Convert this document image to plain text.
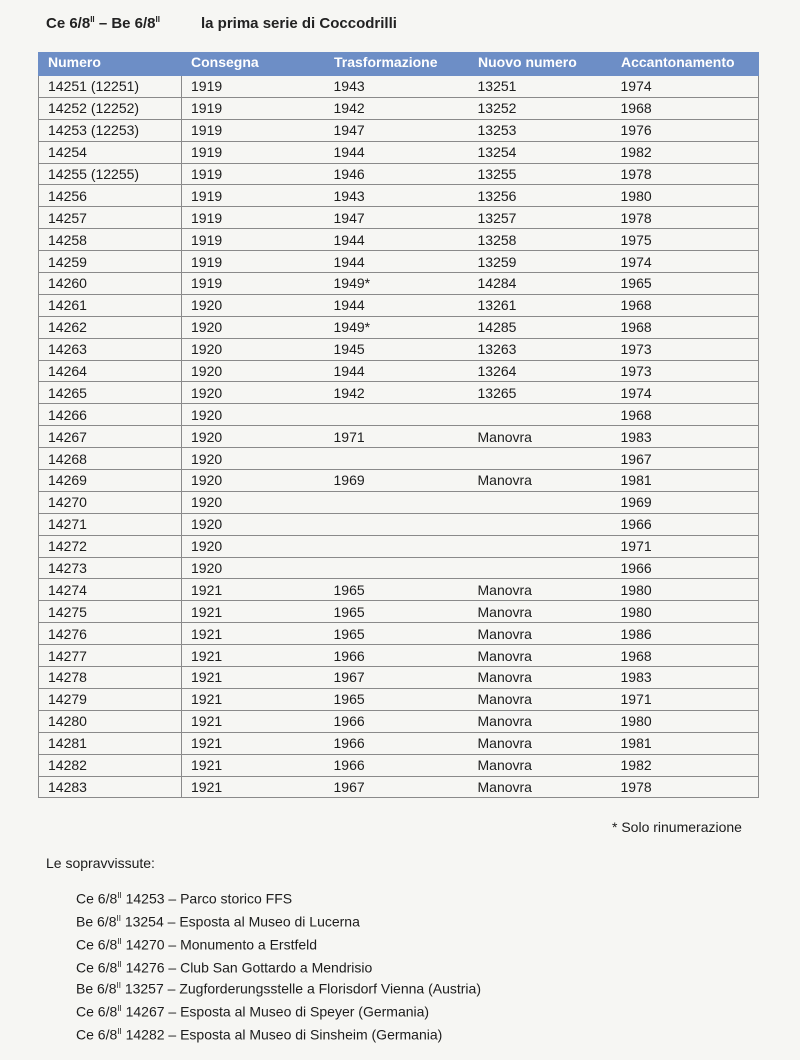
Ce $6/8^{II}$ – Be $6/8^{II}$	la prima serie di Coccodrilli
Numero	Consegna	Trasformazione	Nuovo numero	Accantonamento
14251 (12251)	1919	1943	13251	1974
14252 (12252)	1919	1942	13252	1968
14253 (12253)	1919	1947	13253	1976
14254	1919	1944	13254	1982
14255 (12255)	1919	1946	13255	1978
14256	1919	1943	13256	1980
14257	1919	1947	13257	1978
14258	1919	1944	13258	1975
14259	1919	1944	13259	1974
14260	1919	1949*	14284	1965
14261	1920	1944	13261	1968
14262	1920	1949*	14285	1968
14263	1920	1945	13263	1973
14264	1920	1944	13264	1973
14265	1920	1942	13265	1974
14266	1920			1968
14267	1920	1971	Manovra	1983
14268	1920			1967
14269	1920	1969	Manovra	1981
14270	1920			1969
14271	1920			1966
14272	1920			1971
14273	1920			1966
14274	1921	1965	Manovra	1980
14275	1921	1965	Manovra	1980
14276	1921	1965	Manovra	1986
14277	1921	1966	Manovra	1968
14278	1921	1967	Manovra	1983
14279	1921	1965	Manovra	1971
14280	1921	1966	Manovra	1980
14281	1921	1966	Manovra	1981
14282	1921	1966	Manovra	1982
14283	1921	1967	Manovra	1978
* Solo rinumerazione
Le sopravvissute:
Ce $6/8^{II}$ 14253 – Parco storico FFS
Be $6/8^{II}$ 13254 – Esposta al Museo di Lucerna
Ce $6/8^{II}$ 14270 – Monumento a Erstfeld
Ce $6/8^{II}$ 14276 – Club San Gottardo a Mendrisio
Be $6/8^{II}$ 13257 – Zugforderungsstelle a Florisdorf Vienna (Austria)
Ce $6/8^{II}$ 14267 – Esposta al Museo di Speyer (Germania)
Ce $6/8^{II}$ 14282 – Esposta al Museo di Sinsheim (Germania)
